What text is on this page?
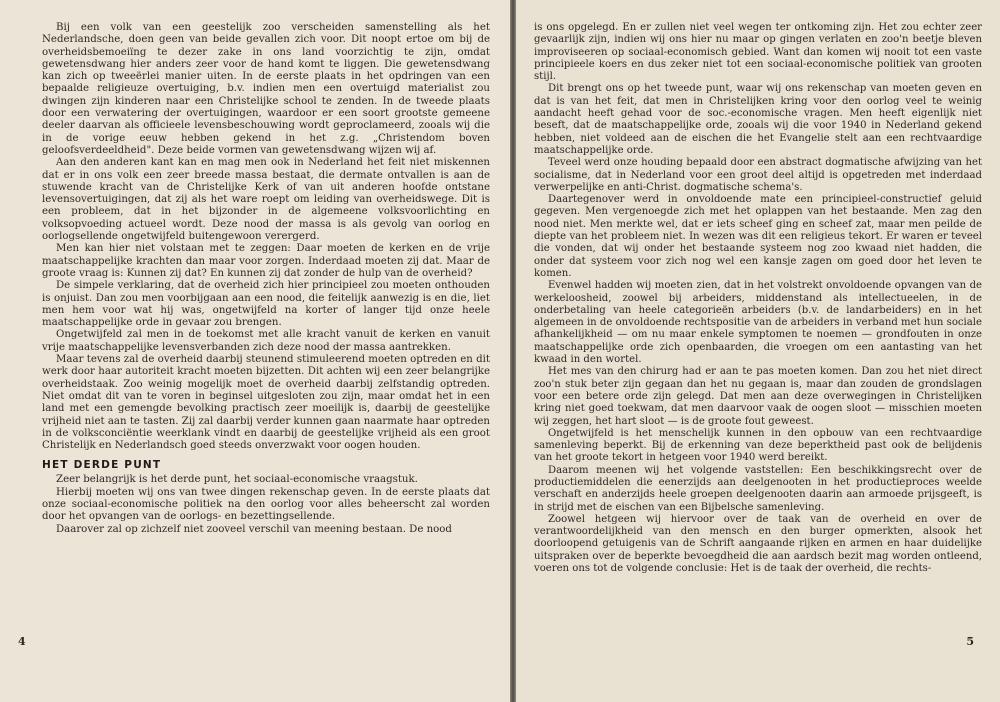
Bij een volk van een geestelijk zoo verscheiden samenstelling als het Nederlandsche, doen geen van beide gevallen zich voor. Dit noopt ertoe om bij de overheidsbemoeiïng te dezer zake in ons land voorzichtig te zijn, omdat gewetensdwang hier anders zeer voor de hand komt te liggen. Die gewetensdwang kan zich op tweeërlei manier uiten. In de eerste plaats in het opdringen van een bepaalde religieuze overtuiging, b.v. indien men een overtuigd materialist zou dwingen zijn kinderen naar een Christelijke school te zenden. In de tweede plaats door een verwatering der overtuigingen, waardoor er een soort grootste gemeene deeler daarvan als officieele levensbeschouwing wordt geproclameerd, zooals wij die in de vorige eeuw hebben gekend in het z.g. „Christendom boven geloofsverdeeldheid". Deze beide vormen van gewetensdwang wijzen wij af.

Aan den anderen kant kan en mag men ook in Nederland het feit niet miskennen dat er in ons volk een zeer breede massa bestaat, die dermate ontvallen is aan de stuwende kracht van de Christelijke Kerk of van uit anderen hoofde ontstane levensovertuigingen, dat zij als het ware roept om leiding van overheidswege. Dit is een probleem, dat in het bijzonder in de algemeene volksvoorlichting en volksopvoeding actueel wordt. Deze nood der massa is als gevolg van oorlog en oorlogsellende ongetwijfeld buitengewoon verergerd.

Men kan hier niet volstaan met te zeggen: Daar moeten de kerken en de vrije maatschappelijke krachten dan maar voor zorgen. Inderdaad moeten zij dat. Maar de groote vraag is: Kunnen zij dat? En kunnen zij dat zonder de hulp van de overheid?

De simpele verklaring, dat de overheid zich hier principieel zou moeten onthouden is onjuist. Dan zou men voorbijgaan aan een nood, die feitelijk aanwezig is en die, liet men hem voor wat hij was, ongetwijfeld na korter of langer tijd onze heele maatschappelijke orde in gevaar zou brengen.

Ongetwijfeld zal men in de toekomst met alle kracht vanuit de kerken en vanuit vrije maatschappelijke levensverbanden zich deze nood der massa aantrekken.

Maar tevens zal de overheid daarbij steunend stimuleerend moeten optreden en dit werk door haar autoriteit kracht moeten bijzetten. Dit achten wij een zeer belangrijke overheidstaak. Zoo weinig mogelijk moet de overheid daarbij zelfstandig optreden. Niet omdat dit van te voren in beginsel uitgesloten zou zijn, maar omdat het in een land met een gemengde bevolking practisch zeer moeilijk is, daarbij de geestelijke vrijheid niet aan te tasten. Zij zal daarbij verder kunnen gaan naarmate haar optreden in de volksconciëntie weerklank vindt en daarbij de geestelijke vrijheid als een groot Christelijk en Nederlandsch goed steeds onverzwakt voor oogen houden.

HET DERDE PUNT

Zeer belangrijk is het derde punt, het sociaal-economische vraagstuk.

Hierbij moeten wij ons van twee dingen rekenschap geven. In de eerste plaats dat onze sociaal-economische politiek na den oorlog voor alles beheerscht zal worden door het opvangen van de oorlogs- en bezettingsellende.

Daarover zal op zichzelf niet zooveel verschil van meening bestaan. De nood

4

is ons opgelegd. En er zullen niet veel wegen ter ontkoming zijn. Het zou echter zeer gevaarlijk zijn, indien wij ons hier nu maar op gingen verlaten en zoo'n beetje bleven improviseeren op sociaal-economisch gebied. Want dan komen wij nooit tot een vaste principieele koers en dus zeker niet tot een sociaal-economische politiek van grooten stijl.

Dit brengt ons op het tweede punt, waar wij ons rekenschap van moeten geven en dat is van het feit, dat men in Christelijken kring voor den oorlog veel te weinig aandacht heeft gehad voor de soc.-economische vragen. Men heeft eigenlijk niet beseft, dat de maatschappelijke orde, zooals wij die voor 1940 in Nederland gekend hebben, niet voldeed aan de eischen die het Evangelie stelt aan een rechtvaardige maatschappelijke orde.

Teveel werd onze houding bepaald door een abstract dogmatische afwijzing van het socialisme, dat in Nederland voor een groot deel altijd is opgetreden met inderdaad verwerpelijke en anti-Christ. dogmatische schema's.

Daartegenover werd in onvoldoende mate een principieel-constructief geluid gegeven. Men vergenoegde zich met het oplappen van het bestaande. Men zag den nood niet. Men merkte wel, dat er iets scheef ging en scheef zat, maar men peilde de diepte van het probleem niet. In wezen was dit een religieus tekort. Er waren er teveel die vonden, dat wij onder het bestaande systeem nog zoo kwaad niet hadden, die onder dat systeem voor zich nog wel een kansje zagen om goed door het leven te komen.

Evenwel hadden wij moeten zien, dat in het volstrekt onvoldoende opvangen van de werkeloosheid, zoowel bij arbeiders, middenstand als intellectueelen, in de onderbetaling van heele categorieën arbeiders (b.v. de landarbeiders) en in het algemeen in de onvoldoende rechtspositie van de arbeiders in verband met hun sociale afhankelijkheid — om nu maar enkele symptomen te noemen — grondfouten in onze maatschappelijke orde zich openbaarden, die vroegen om een aantasting van het kwaad in den wortel.

Het mes van den chirurg had er aan te pas moeten komen. Dan zou het niet direct zoo'n stuk beter zijn gegaan dan het nu gegaan is, maar dan zouden de grondslagen voor een betere orde zijn gelegd. Dat men aan deze overwegingen in Christelijken kring niet goed toekwam, dat men daarvoor vaak de oogen sloot — misschien moeten wij zeggen, het hart sloot — is de groote fout geweest.

Ongetwijfeld is het menschelijk kunnen in den opbouw van een rechtvaardige samenleving beperkt. Bij de erkenning van deze beperktheid past ook de belijdenis van het groote tekort in hetgeen voor 1940 werd bereikt.

Daarom meenen wij het volgende vaststellen: Een beschikkingsrecht over de productiemiddelen die eenerzijds aan deelgenooten in het productieproces weelde verschaft en anderzijds heele groepen deelgenooten daarin aan armoede prijsgeeft, is in strijd met de eischen van een Bijbelsche samenleving.

Zoowel hetgeen wij hiervoor over de taak van de overheid en over de verantwoordelijkheid van den mensch en den burger opmerkten, alsook het doorloopend getuigenis van de Schrift aangaande rijken en armen en haar duidelijke uitspraken over de beperkte bevoegdheid die aan aardsch bezit mag worden ontleend, voeren ons tot de volgende conclusie: Het is de taak der overheid, die rechts-

5
